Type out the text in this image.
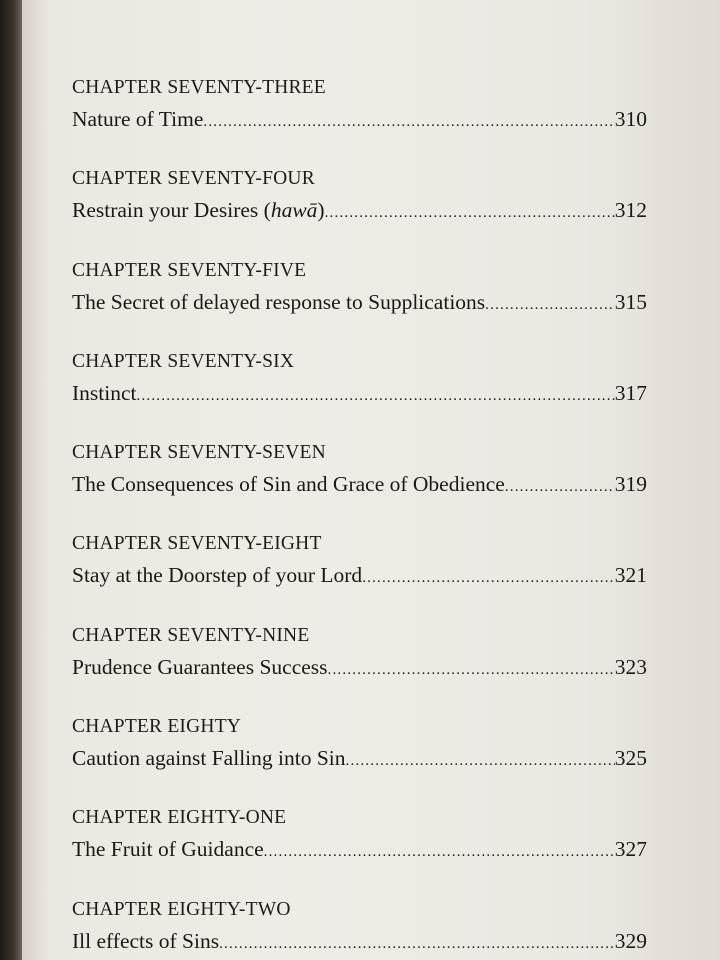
CHAPTER SEVENTY-THREE
Nature of Time .....	310
CHAPTER SEVENTY-FOUR
Restrain your Desires (hawā) .....	312
CHAPTER SEVENTY-FIVE
The Secret of delayed response to Supplications .....	315
CHAPTER SEVENTY-SIX
Instinct .....	317
CHAPTER SEVENTY-SEVEN
The Consequences of Sin and Grace of Obedience .....	319
CHAPTER SEVENTY-EIGHT
Stay at the Doorstep of your Lord .....	321
CHAPTER SEVENTY-NINE
Prudence Guarantees Success .....	323
CHAPTER EIGHTY
Caution against Falling into Sin .....	325
CHAPTER EIGHTY-ONE
The Fruit of Guidance .....	327
CHAPTER EIGHTY-TWO
Ill effects of Sins .....	329
